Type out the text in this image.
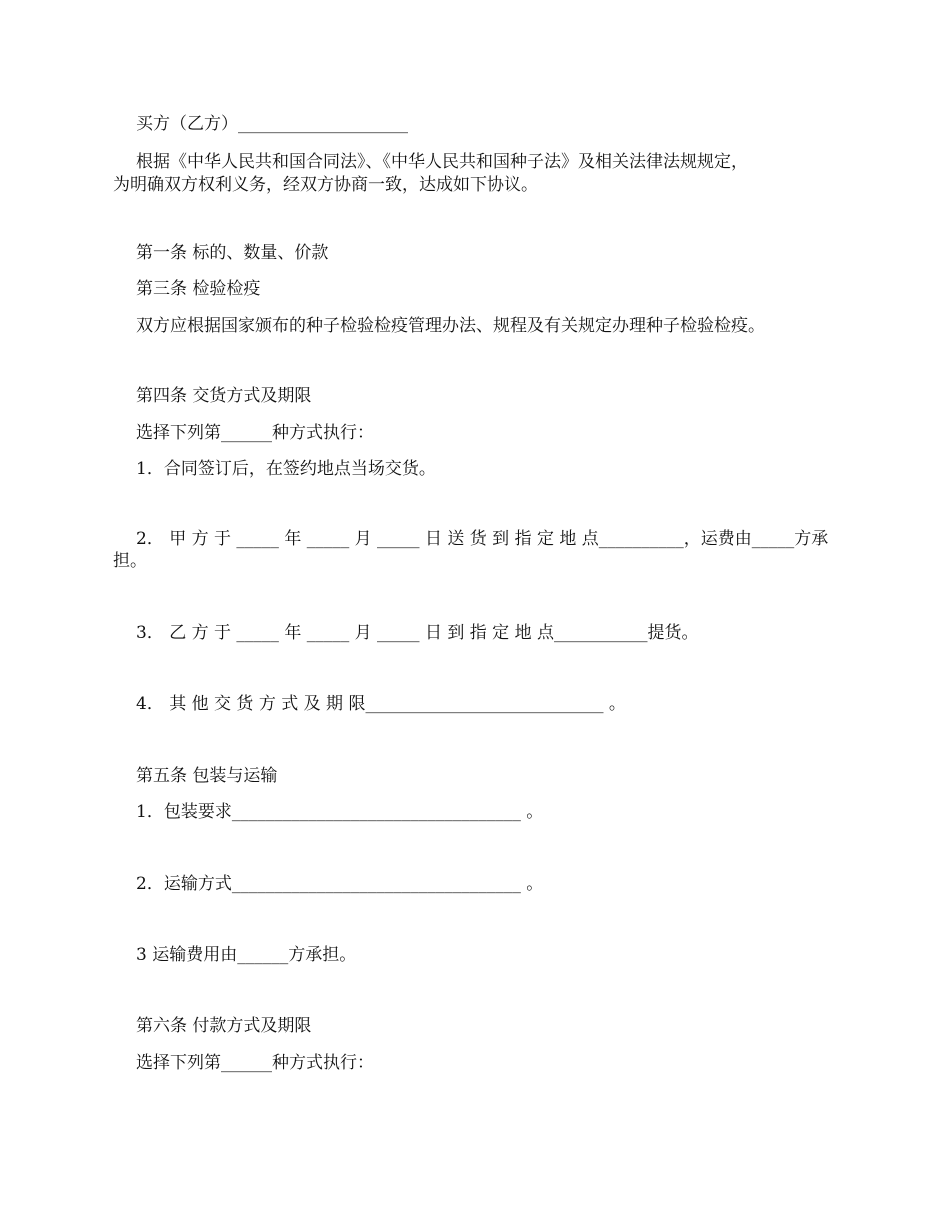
买方（乙方）____________________
根据《中华人民共和国合同法》、《中华人民共和国种子法》及相关法律法规规定，
为明确双方权利义务，经双方协商一致，达成如下协议。
第一条 标的、数量、价款
第三条 检验检疫
双方应根据国家颁布的种子检验检疫管理办法、规程及有关规定办理种子检验检疫。
第四条 交货方式及期限
选择下列第______种方式执行：
1．合同签订后，在签约地点当场交货。
2． 甲 方 于 _____ 年 _____ 月 _____ 日 送 货 到 指 定 地 点__________，运费由_____方承
担。
3． 乙 方 于 _____ 年 _____ 月 _____ 日 到 指 定 地 点___________提货。
4． 其 他 交 货 方 式 及 期 限____________________________ 。
第五条 包装与运输
1．包装要求__________________________________ 。
2．运输方式__________________________________ 。
3 运输费用由______方承担。
第六条 付款方式及期限
选择下列第______种方式执行：
